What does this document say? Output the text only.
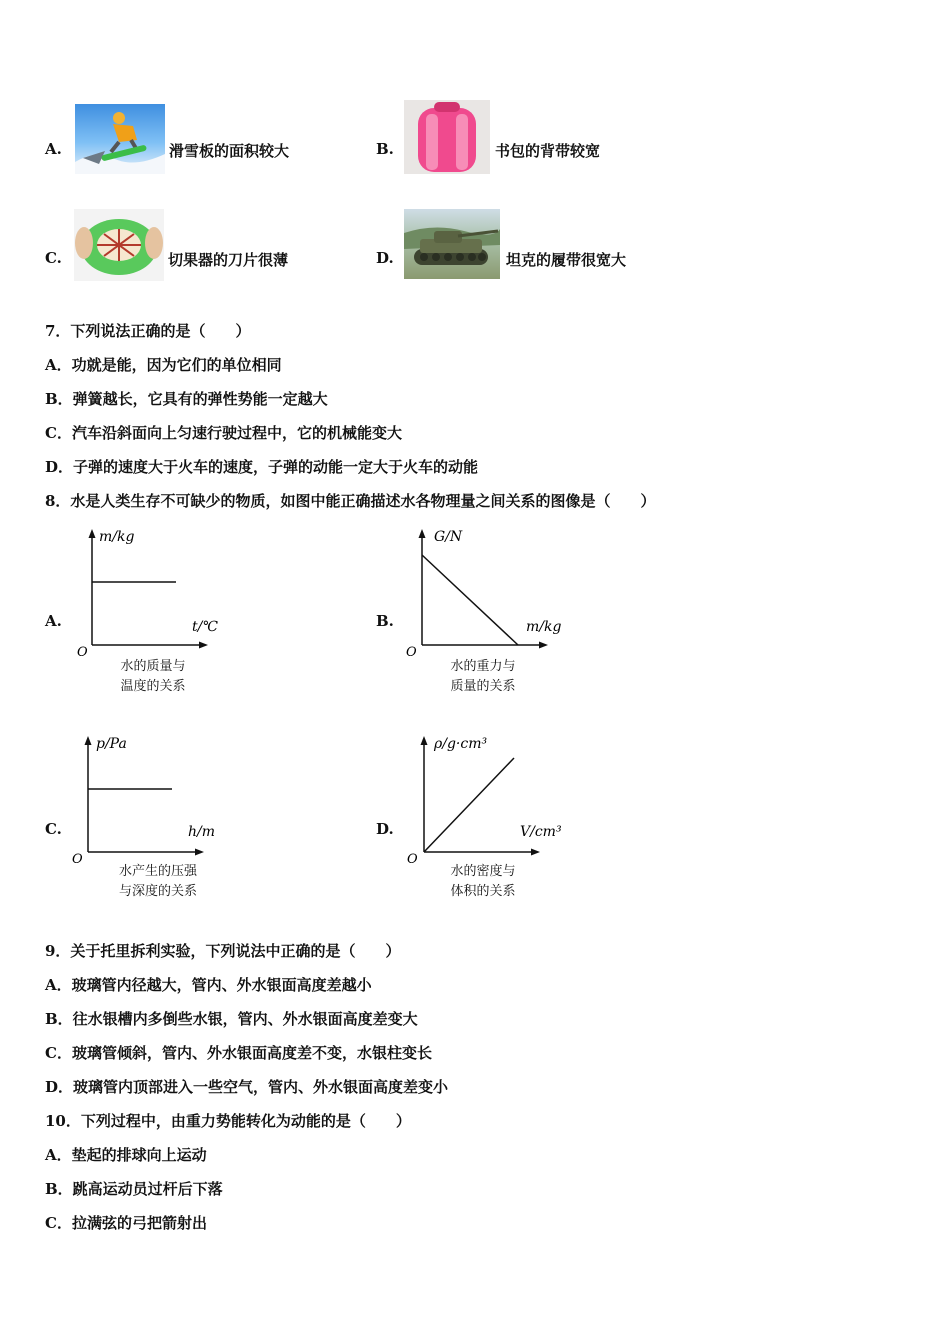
A.	滑雪板的面积较大	B.	书包的背带较宽
C.	切果器的刀片很薄	D.	坦克的履带很宽大
7．下列说法正确的是（　　）
A．功就是能，因为它们的单位相同
B．弹簧越长，它具有的弹性势能一定越大
C．汽车沿斜面向上匀速行驶过程中，它的机械能变大
D．子弹的速度大于火车的速度，子弹的动能一定大于火车的动能
8．水是人类生存不可缺少的物质，如图中能正确描述水各物理量之间关系的图像是（　　）
A.
m/kg
t/℃
O
水的质量与
温度的关系
B.
G/N
m/kg
O
水的重力与
质量的关系
C.
p/Pa
h/m
O
水产生的压强
与深度的关系
D.
ρ/g·cm³
V/cm³
O
水的密度与
体积的关系
9．关于托里拆利实验，下列说法中正确的是（　　）
A．玻璃管内径越大，管内、外水银面高度差越小
B．往水银槽内多倒些水银，管内、外水银面高度差变大
C．玻璃管倾斜，管内、外水银面高度差不变，水银柱变长
D．玻璃管内顶部进入一些空气，管内、外水银面高度差变小
10．下列过程中，由重力势能转化为动能的是（　　）
A．垫起的排球向上运动
B．跳高运动员过杆后下落
C．拉满弦的弓把箭射出
